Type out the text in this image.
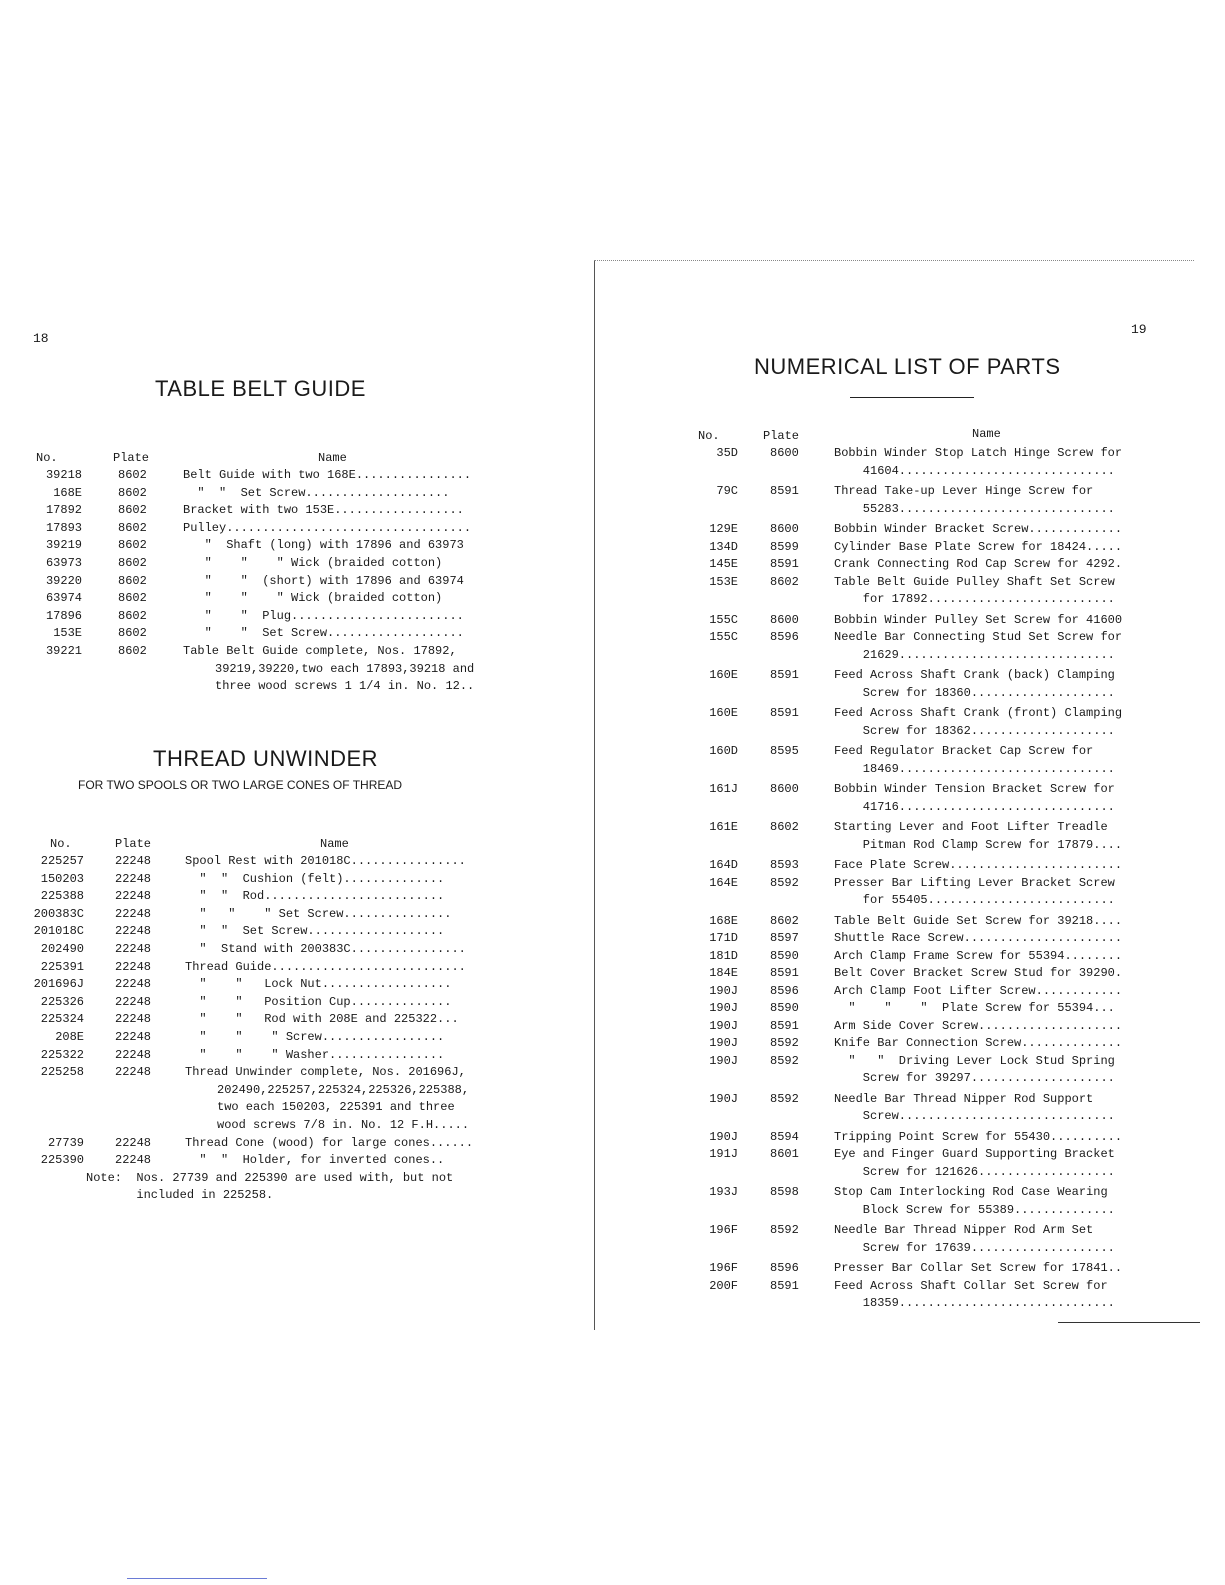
18
TABLE BELT GUIDE
No.	Plate	Name
39218	8602	Belt Guide with two 168E................
168E	8602	"  "  Set Screw....................
17892	8602	Bracket with two 153E..................
17893	8602	Pulley..................................
39219	8602	"  Shaft (long) with 17896 and 63973
63973	8602	"    "    " Wick (braided cotton)
39220	8602	"    "  (short) with 17896 and 63974
63974	8602	"    "    " Wick (braided cotton)
17896	8602	"    "  Plug........................
153E	8602	"    "  Set Screw...................
39221	8602	Table Belt Guide complete, Nos. 17892,
39219,39220,two each 17893,39218 and
three wood screws 1 1/4 in. No. 12..
THREAD UNWINDER
FOR TWO SPOOLS OR TWO LARGE CONES OF THREAD
No.	Plate	Name
225257	22248	Spool Rest with 201018C................
150203	22248	"  "  Cushion (felt)..............
225388	22248	"  "  Rod.........................
200383C	22248	"   "    " Set Screw...............
201018C	22248	"  "  Set Screw...................
202490	22248	"  Stand with 200383C................
225391	22248	Thread Guide...........................
201696J	22248	"    "   Lock Nut..................
225326	22248	"    "   Position Cup..............
225324	22248	"    "   Rod with 208E and 225322...
208E	22248	"    "    " Screw.................
225322	22248	"    "    " Washer................
225258	22248	Thread Unwinder complete, Nos. 201696J,
202490,225257,225324,225326,225388,
two each 150203, 225391 and three
wood screws 7/8 in. No. 12 F.H.....
27739	22248	Thread Cone (wood) for large cones......
225390	22248	"  "  Holder, for inverted cones..
Note:  Nos. 27739 and 225390 are used with, but not
included in 225258.
19
NUMERICAL LIST OF PARTS
No.	Plate	Name
35D	8600	Bobbin Winder Stop Latch Hinge Screw for
41604..............................
79C	8591	Thread Take-up Lever Hinge Screw for
55283..............................
129E	8600	Bobbin Winder Bracket Screw.............
134D	8599	Cylinder Base Plate Screw for 18424.....
145E	8591	Crank Connecting Rod Cap Screw for 4292.
153E	8602	Table Belt Guide Pulley Shaft Set Screw
for 17892..........................
155C	8600	Bobbin Winder Pulley Set Screw for 41600
155C	8596	Needle Bar Connecting Stud Set Screw for
21629..............................
160E	8591	Feed Across Shaft Crank (back) Clamping
Screw for 18360....................
160E	8591	Feed Across Shaft Crank (front) Clamping
Screw for 18362....................
160D	8595	Feed Regulator Bracket Cap Screw for
18469..............................
161J	8600	Bobbin Winder Tension Bracket Screw for
41716..............................
161E	8602	Starting Lever and Foot Lifter Treadle
Pitman Rod Clamp Screw for 17879....
164D	8593	Face Plate Screw........................
164E	8592	Presser Bar Lifting Lever Bracket Screw
for 55405..........................
168E	8602	Table Belt Guide Set Screw for 39218....
171D	8597	Shuttle Race Screw......................
181D	8590	Arch Clamp Frame Screw for 55394........
184E	8591	Belt Cover Bracket Screw Stud for 39290.
190J	8596	Arch Clamp Foot Lifter Screw............
190J	8590	"    "    "  Plate Screw for 55394...
190J	8591	Arm Side Cover Screw....................
190J	8592	Knife Bar Connection Screw..............
190J	8592	"   "  Driving Lever Lock Stud Spring
Screw for 39297....................
190J	8592	Needle Bar Thread Nipper Rod Support
Screw..............................
190J	8594	Tripping Point Screw for 55430..........
191J	8601	Eye and Finger Guard Supporting Bracket
Screw for 121626...................
193J	8598	Stop Cam Interlocking Rod Case Wearing
Block Screw for 55389..............
196F	8592	Needle Bar Thread Nipper Rod Arm Set
Screw for 17639....................
196F	8596	Presser Bar Collar Set Screw for 17841..
200F	8591	Feed Across Shaft Collar Set Screw for
18359..............................
